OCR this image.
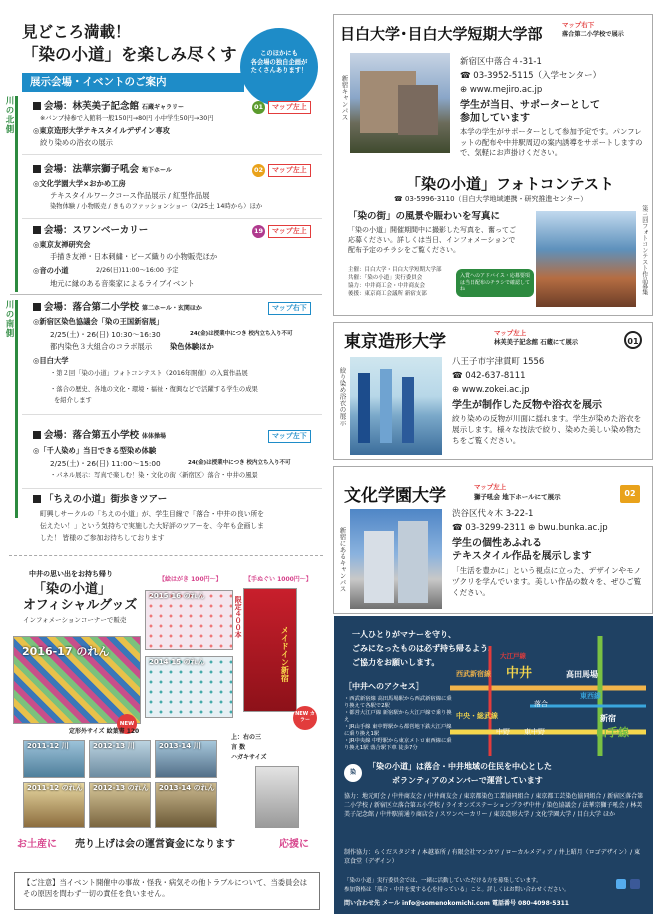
見どころ満載！
「染の小道」を楽しみ尽くす	このほかにも
各会場の独自企画が
たくさんあります！
展示会場・イベントのご案内
川の北側
川の南側
会場：林芙美子記念館 石蔵ギャラリー	01	マップ左上
※バンブ持参で入館料一般150円→80円 小中学生50円→30円
◎東京造形大学テキスタイルデザイン専攻
絞り染めの浴衣の展示
会場：法華宗獅子吼会 地下ホール	02	マップ左上
◎文化学園大学×おかめ工房
テキスタイルワークコース作品展示 / 紅型作品展
染物体験 / 小物販売 / きものファッションショー（2/25土 14時から）ほか
会場：スワンベーカリー	19	マップ左上
◎東京友禅研究会
手描き友禅・日本刺繍・ビーズ織りの小物販売ほか
◎音の小道	2/26(日)11:00〜16:00 予定
地元に縁のある音楽家によるライブイベント
会場：落合第二小学校 第二ホール・玄関ほか	マップ右下
◎新宿区染色協議会「染の王国新宿展」
2/25(土)・26(日) 10:30〜16:30	24(金)は授業中につき 校内立ち入り不可
都内染色３大組合のコラボ展示 染色体験ほか
◎目白大学
・第２回「染の小道」フォトコンテスト（2016年開催）の入賞作品展
・落合の歴史、各地の文化・環境・福祉・復興などで活躍する学生の成果
を紹介します
会場：落合第五小学校 体体操場	マップ左下
◎「千人染め」当日できる型染め体験
2/25(土)・26(日) 11:00〜15:00	24(金)は授業中につき 校内立ち入り不可
・パネル展示：写真で楽しむ！染・文化の街〈新宿区〉落合・中井の風景
「ちえの小道」街歩きツアー
町興しサークルの「ちえの小道」が、学生目線で「落合・中井の良い所を
伝えたい！」という気持ちで実施した大好評のツアーを、今年も企画しま
した！ 皆様のご参加お待ちしております
中井の思い出をお持ち帰り
「染の小道」
オフィシャルグッズ
インフォメーションコーナーで販売
【絵はがき 100円〜】	【手ぬぐい 1000円〜】
2016-17 のれん
NEW
2015-16 のれん
2014-15 のれん
限定４００本
メイドイン新宿
NEW カラー
定形外サイズ 絵葉書 120
2011-12 川	2012-13 川	2013-14 川
2011-12 のれん 2012-13 のれん 2013-14 のれん
上：右の三
言 数
ハガキサイズ
お土産に 売り上げは会の運営資金になります	応援に
【ご注意】当イベント開催中の事故・怪我・病気その他トラブルについて、当委員会はその原因を問わず一切の責任を負いません。
目白大学･目白大学短期大学部	マップ右下
落合第二小学校で展示
新宿キャンパス
新宿区中落合４-31-1
☎ 03-3952-5115（入学センター）
⊕ www.mejiro.ac.jp
学生が当日、サポーターとして
参加しています
本学の学生がサポーターとして参加予定です。パンフレットの配布や中井駅周辺の案内誘導をサポートしますので、気軽にお声掛けください。
「染の小道」フォトコンテスト
☎ 03-5996-3110（目白大学地域連携・研究推進センター）
「染の街」の風景や賑わいを写真に
「染の小道」開催期間中に撮影した写真を、奮ってご応募ください。詳しくは当日、インフォメーションで配布予定のチラシをご覧ください。
主催：目白大学・目白大学短期大学部
共催：「染の小道」実行委員会
協力：中井商工会・中井商友会
後援：東京商工会議所 新宿支部
入賞へのアドバイス・応募要項は当日配布のチラシで確認してね	第三回フォトコンテスト作品募集
東京造形大学	マップ左上
林芙美子記念館 石蔵にて展示	01
絞り染め浴衣の展示
八王子市宇津貫町 1556
☎ 042-637-8111
⊕ www.zokei.ac.jp
学生が制作した反物や浴衣を展示
絞り染めの反物が川面に揺れます。学生が染めた浴衣を展示します。様々な技法で絞り、染めた美しい染め物たちをご覧ください。
文化学園大学	マップ左上
獅子吼会 地下ホールにて展示	02
新宿にあるキャンパス
渋谷区代々木 3-22-1
☎ 03-3299-2311 ⊕ bwu.bunka.ac.jp
学生の個性あふれる
テキスタイル作品を展示します
「生活を豊かに」という視点に立った、デザインやモノヅクリを学んでいます。美しい作品の数々を、ぜひご覧ください。
一人ひとりがマナーを守り、
ごみになったものは必ず持ち帰るよう、
ご協力をお願いします。
中井
大江戸線
西武新宿線
中央・総武線
高田馬場
落合
東西線
新宿
山手線
中野 東中野
［中井へのアクセス］
・西武新宿線 高田馬場駅から西武新宿線に乗り換えて各駅で2駅
・都営大江戸線 新宿駅から大江戸線で乗り換え
・JR山手線 東中野駅から都営地下鉄大江戸線に乗り換え1駅
・JR中央線 中野駅から東京メトロ東西線に乗り換え1駅 落合駅下車 徒歩7分
染
「染の小道」は落合・中井地域の住民を中心とした
ボランティアのメンバーで運営しています
協力：地元町会 / 中井商友会 / 中井商友会 / 東京都染色工業協同組合 / 東京都工芸染色協同組合 / 新宿区落合第二小学校 / 新宿区立落合第五小学校 / ライオンズステーションプラザ中井 / 染色協議会 / 法華宗獅子吼会 / 林芙美子記念館 / 中井駅前通り商店会 / スワンベーカリー / 東京造形大学 / 文化学園大学 / 目白大学 ほか
制作協力：らくだスタジオ / 本越革所 / 有限会社マンカワ / ローカルメディア / 井上昭月（ロゴデザイン）/ 東京食堂（デザイン）
「染の小道」実行委員会では、一緒に活動していただける方を募集しています。
参加資格は「落合・中井を愛する心を持っている」こと。詳しくはお問い合わせください。
問い合わせ先 メール info@somenokomichi.com 電話番号 080-4098-5311
